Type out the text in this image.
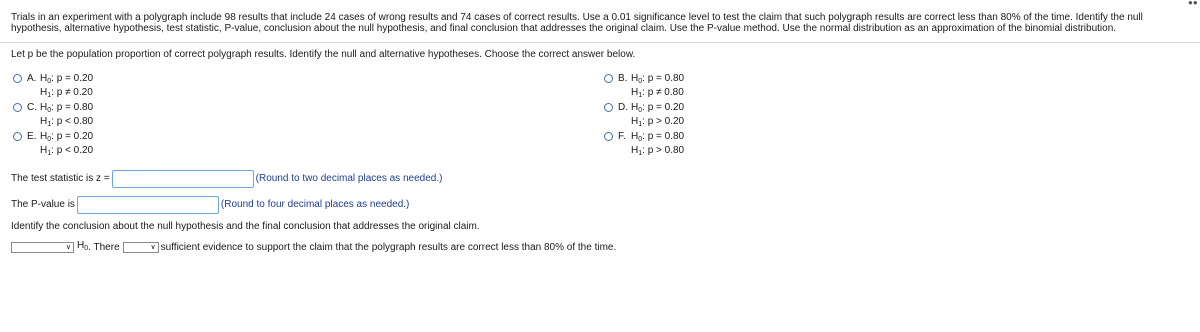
●●
Trials in an experiment with a polygraph include 98 results that include 24 cases of wrong results and 74 cases of correct results. Use a 0.01 significance level to test the claim that such polygraph results are correct less than 80% of the time. Identify the null hypothesis, alternative hypothesis, test statistic, P-value, conclusion about the null hypothesis, and final conclusion that addresses the original claim. Use the P-value method. Use the normal distribution as an approximation of the binomial distribution.
Let p be the population proportion of correct polygraph results. Identify the null and alternative hypotheses. Choose the correct answer below.
A. $H_0$: p = 0.20
$H_1$: p ≠ 0.20
B. $H_0$: p = 0.80
$H_1$: p ≠ 0.80
C. $H_0$: p = 0.80
$H_1$: p < 0.80
D. $H_0$: p = 0.20
$H_1$: p > 0.20
E. $H_0$: p = 0.20
$H_1$: p < 0.20
F. $H_0$: p = 0.80
$H_1$: p > 0.80
The test statistic is z =	(Round to two decimal places as needed.)
The P-value is	(Round to four decimal places as needed.)
Identify the conclusion about the null hypothesis and the final conclusion that addresses the original claim.
∨ $H_0$ . There	∨ sufficient evidence to support the claim that the polygraph results are correct less than 80% of the time.
